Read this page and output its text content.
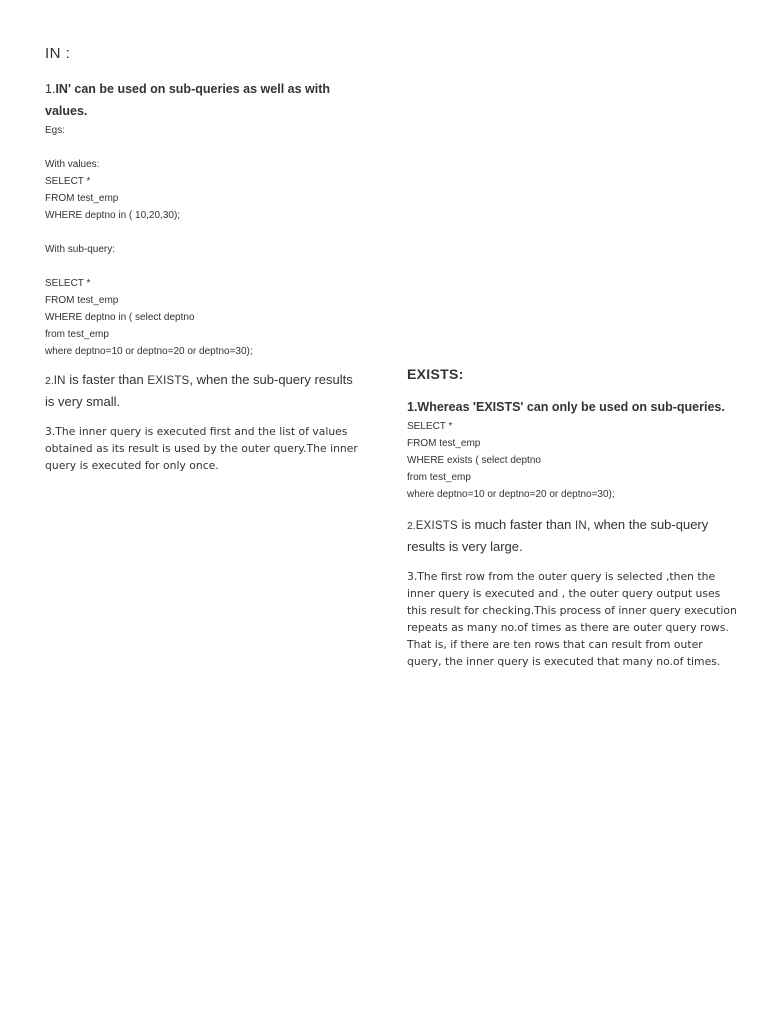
IN :

1.IN' can be used on sub-queries as well as with values.

Egs:
With values:
SELECT *
FROM test_emp
WHERE deptno in ( 10,20,30);
With sub-query:
SELECT *
FROM test_emp
WHERE deptno in ( select deptno
from test_emp
where deptno=10 or deptno=20 or deptno=30);

2.IN is faster than EXISTS, when the sub-query results is very small.

3.The inner query is executed first and the list of values obtained as its result is used by the outer query.The inner query is executed for only once.

EXISTS:

1.Whereas 'EXISTS' can only be used on sub-queries.

SELECT *
FROM test_emp
WHERE exists ( select deptno
from test_emp
where deptno=10 or deptno=20 or deptno=30);

2.EXISTS is much faster than IN, when the sub-query results is very large.

3.The first row from the outer query is selected ,then the inner query is executed and , the outer query output uses this result for checking.This process of inner query execution repeats as many no.of times as there are outer query rows. That is, if there are ten rows that can result from outer query, the inner query is executed that many no.of times.
